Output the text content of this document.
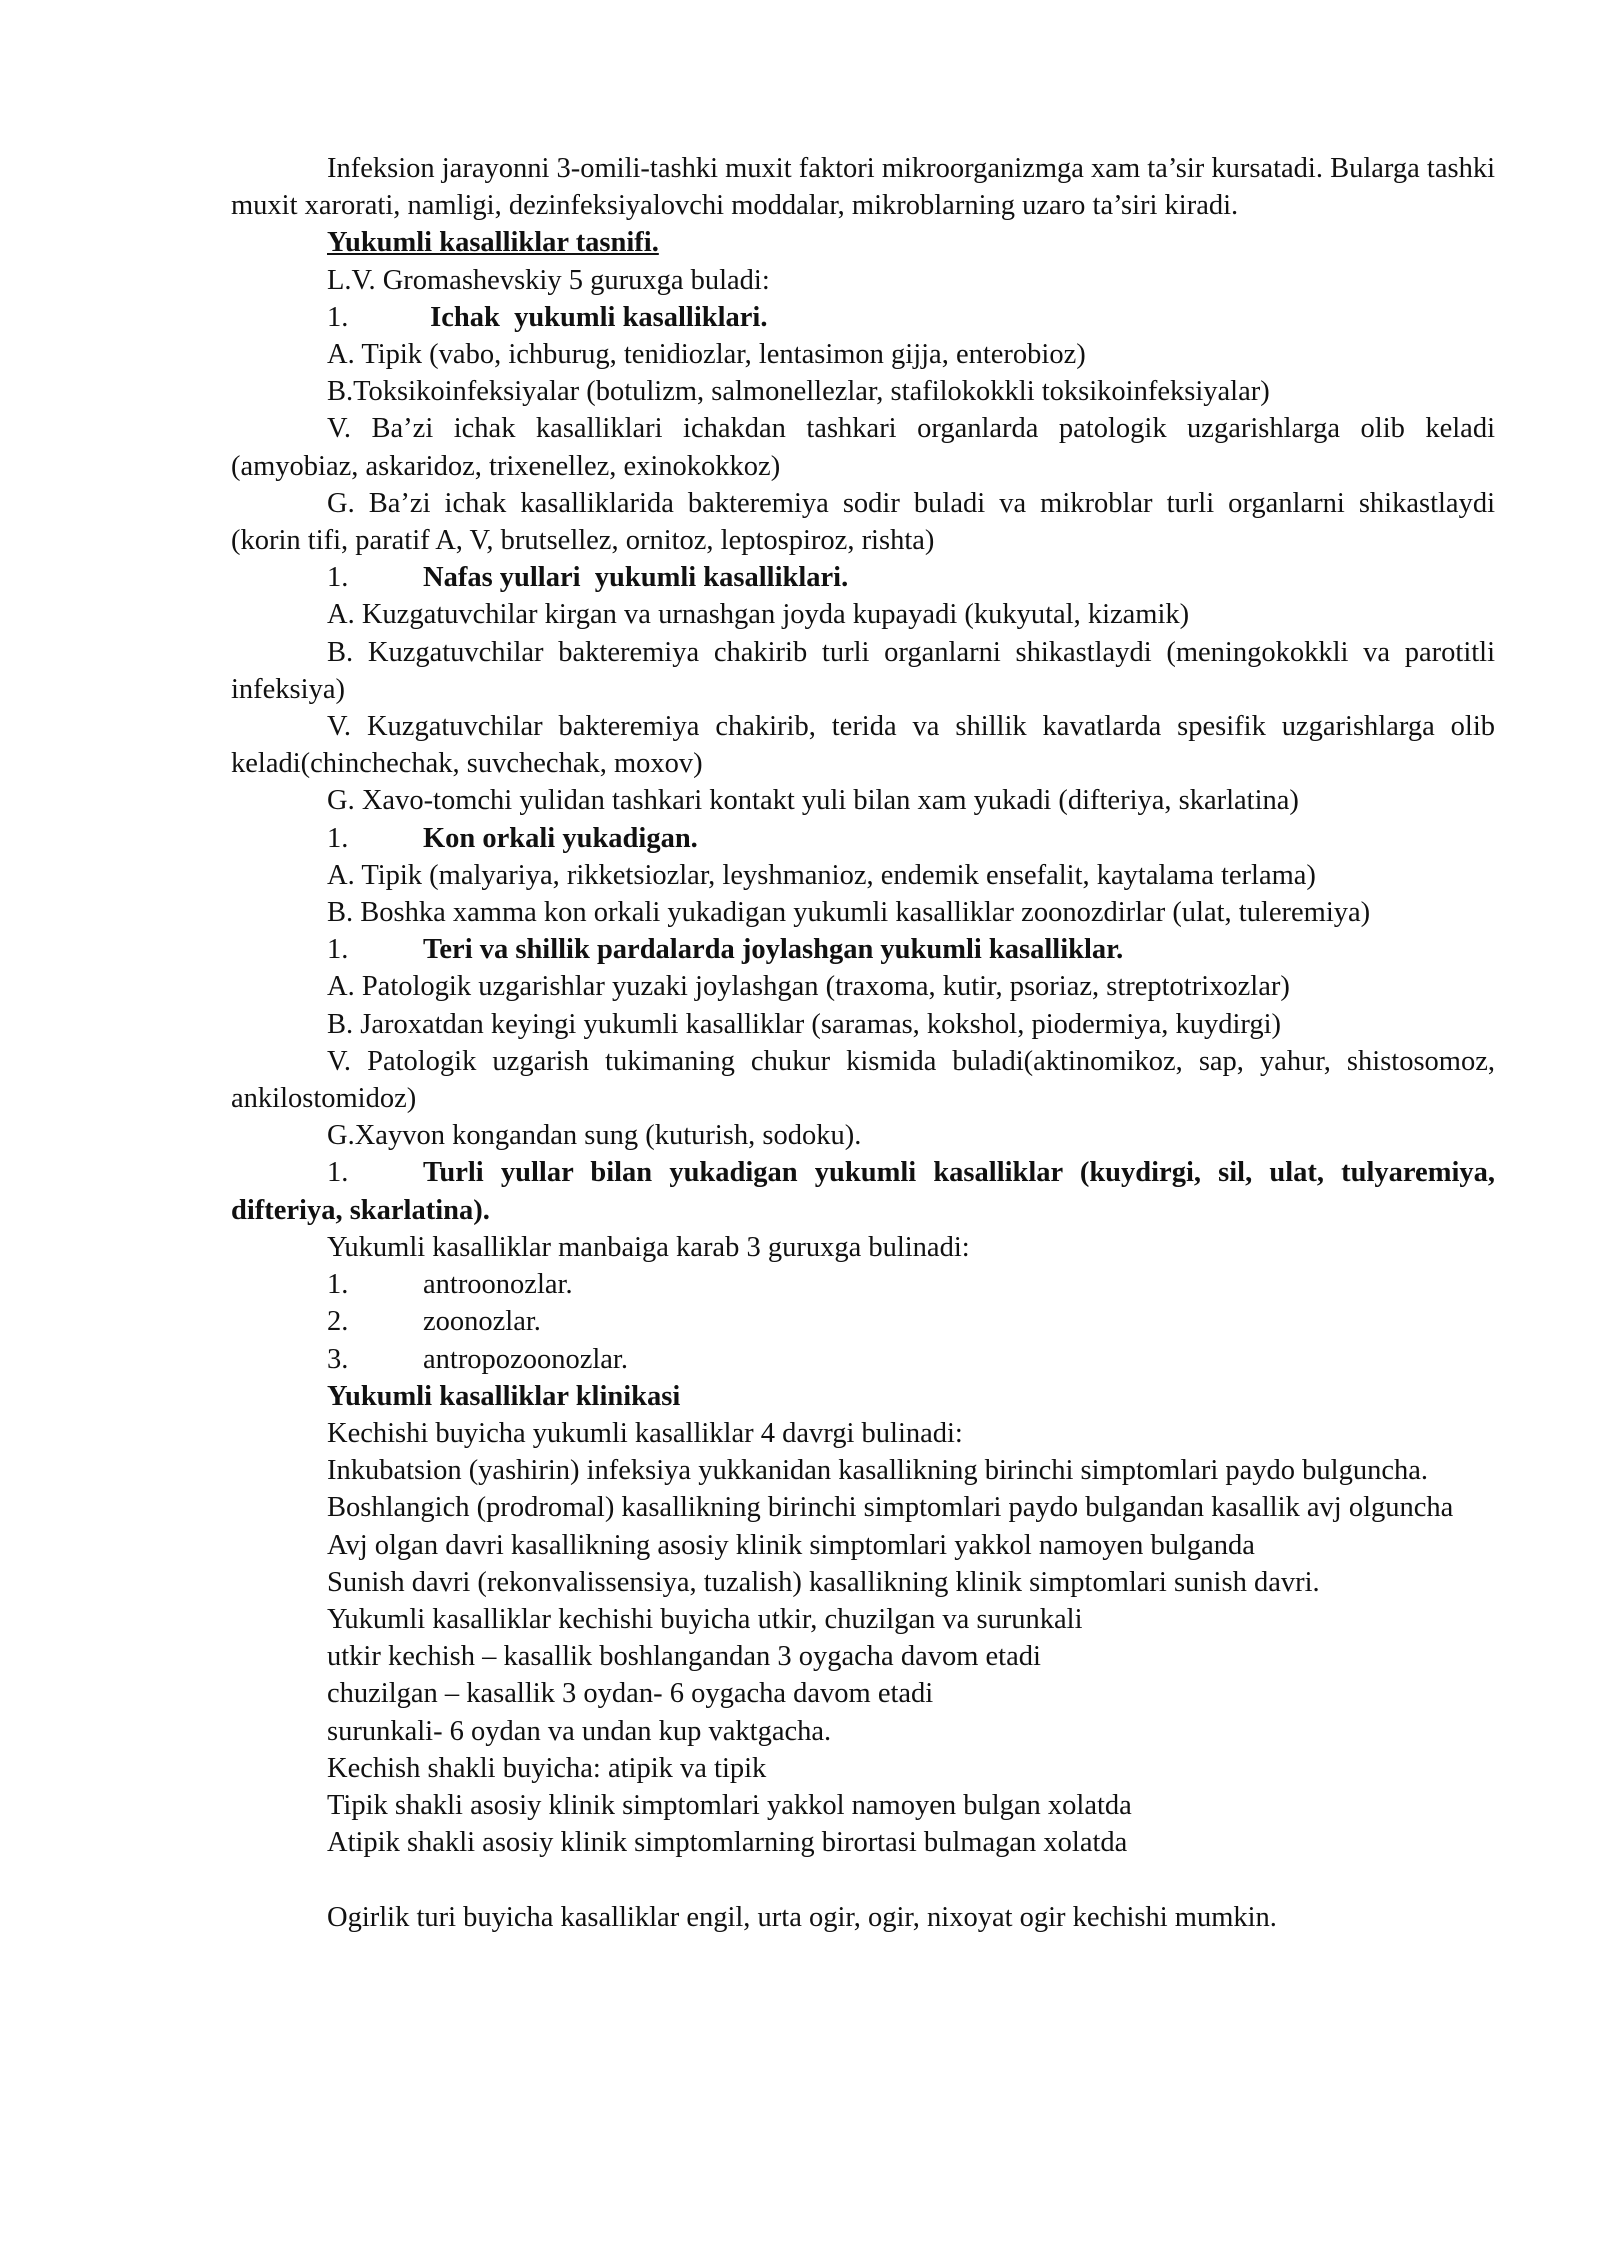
Infeksion jarayonni 3-omili-tashki muxit faktori mikroorganizmga xam ta’sir kursatadi. Bularga tashki muxit xarorati, namligi, dezinfeksiyalovchi moddalar, mikroblarning uzaro ta’siri kiradi.

Yukumli kasalliklar tasnifi.

L.V. Gromashevskiy 5 guruxga buladi:

1.	Ichak  yukumli kasalliklari.

A. Tipik (vabo, ichburug, tenidiozlar, lentasimon gijja, enterobioz)

B.Toksikoinfeksiyalar (botulizm, salmonellezlar, stafilokokkli toksikoinfeksiyalar)

V. Ba’zi ichak kasalliklari ichakdan tashkari organlarda patologik uzgarishlarga olib keladi (amyobiaz, askaridoz, trixenellez, exinokokkoz)

G. Ba’zi ichak kasalliklarida bakteremiya sodir buladi va mikroblar turli organlarni shikastlaydi (korin tifi, paratif A, V, brutsellez, ornitoz, leptospiroz, rishta)

1.	Nafas yullari  yukumli kasalliklari.

A. Kuzgatuvchilar kirgan va urnashgan joyda kupayadi (kukyutal, kizamik)

B. Kuzgatuvchilar bakteremiya chakirib turli organlarni shikastlaydi (meningokokkli va parotitli infeksiya)

V. Kuzgatuvchilar bakteremiya chakirib, terida va shillik kavatlarda spesifik uzgarishlarga olib keladi(chinchechak, suvchechak, moxov)

G. Xavo-tomchi yulidan tashkari kontakt yuli bilan xam yukadi (difteriya, skarlatina)

1.	Kon orkali yukadigan.

A. Tipik (malyariya, rikketsiozlar, leyshmanioz, endemik ensefalit, kaytalama terlama)

B. Boshka xamma kon orkali yukadigan yukumli kasalliklar zoonozdirlar (ulat, tuleremiya)

1.	Teri va shillik pardalarda joylashgan yukumli kasalliklar.

A. Patologik uzgarishlar yuzaki joylashgan (traxoma, kutir, psoriaz, streptotrixozlar)

B. Jaroxatdan keyingi yukumli kasalliklar (saramas, kokshol, piodermiya, kuydirgi)

V. Patologik uzgarish tukimaning chukur kismida buladi(aktinomikoz, sap, yahur, shistosomoz, ankilostomidoz)

G.Xayvon kongandan sung (kuturish, sodoku).

1.	Turli yullar bilan yukadigan yukumli kasalliklar (kuydirgi, sil, ulat, tulyaremiya, difteriya, skarlatina).

Yukumli kasalliklar manbaiga karab 3 guruxga bulinadi:

1.	antroonozlar.

2.	zoonozlar.

3.	antropozoonozlar.

Yukumli kasalliklar klinikasi

Kechishi buyicha yukumli kasalliklar 4 davrgi bulinadi:

Inkubatsion (yashirin) infeksiya yukkanidan kasallikning birinchi simptomlari paydo bulguncha.

Boshlangich (prodromal) kasallikning birinchi simptomlari paydo bulgandan kasallik avj olguncha

Avj olgan davri kasallikning asosiy klinik simptomlari yakkol namoyen bulganda

Sunish davri (rekonvalissensiya, tuzalish) kasallikning klinik simptomlari sunish davri.

Yukumli kasalliklar kechishi buyicha utkir, chuzilgan va surunkali

utkir kechish – kasallik boshlangandan 3 oygacha davom etadi

chuzilgan – kasallik 3 oydan- 6 oygacha davom etadi

surunkali- 6 oydan va undan kup vaktgacha.

Kechish shakli buyicha: atipik va tipik

Tipik shakli asosiy klinik simptomlari yakkol namoyen bulgan xolatda

Atipik shakli asosiy klinik simptomlarning birortasi bulmagan xolatda

Ogirlik turi buyicha kasalliklar engil, urta ogir, ogir, nixoyat ogir kechishi mumkin.
